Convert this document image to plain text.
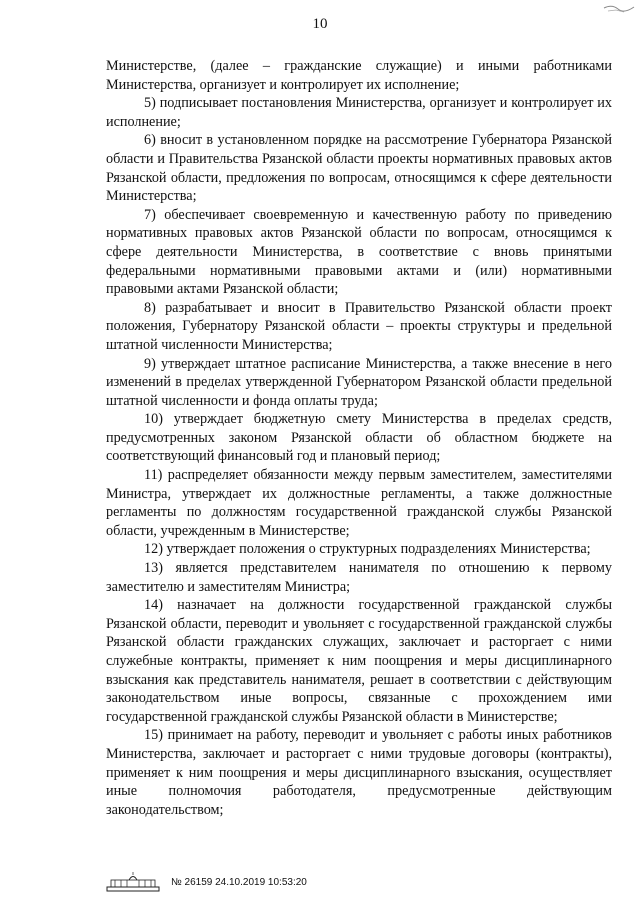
10

Министерстве, (далее – гражданские служащие) и иными работниками Министерства, организует и контролирует их исполнение;

5) подписывает постановления Министерства, организует и контролирует их исполнение;

6) вносит в установленном порядке на рассмотрение Губернатора Рязанской области и Правительства Рязанской области проекты нормативных правовых актов Рязанской области, предложения по вопросам, относящимся к сфере деятельности Министерства;

7) обеспечивает своевременную и качественную работу по приведению нормативных правовых актов Рязанской области по вопросам, относящимся к сфере деятельности Министерства, в соответствие с вновь принятыми федеральными нормативными правовыми актами и (или) нормативными правовыми актами Рязанской области;

8) разрабатывает и вносит в Правительство Рязанской области проект положения, Губернатору Рязанской области – проекты структуры и предельной штатной численности Министерства;

9) утверждает штатное расписание Министерства, а также внесение в него изменений в пределах утвержденной Губернатором Рязанской области предельной штатной численности и фонда оплаты труда;

10) утверждает бюджетную смету Министерства в пределах средств, предусмотренных законом Рязанской области об областном бюджете на соответствующий финансовый год и плановый период;

11) распределяет обязанности между первым заместителем, заместителями Министра, утверждает их должностные регламенты, а также должностные регламенты по должностям государственной гражданской службы Рязанской области, учрежденным в Министерстве;

12) утверждает положения о структурных подразделениях Министерства;

13) является представителем нанимателя по отношению к первому заместителю и заместителям Министра;

14) назначает на должности государственной гражданской службы Рязанской области, переводит и увольняет с государственной гражданской службы Рязанской области гражданских служащих, заключает и расторгает с ними служебные контракты, применяет к ним поощрения и меры дисциплинарного взыскания как представитель нанимателя, решает в соответствии с действующим законодательством иные вопросы, связанные с прохождением ими государственной гражданской службы Рязанской области в Министерстве;

15) принимает на работу, переводит и увольняет с работы иных работников Министерства, заключает и расторгает с ними трудовые договоры (контракты), применяет к ним поощрения и меры дисциплинарного взыскания, осуществляет иные полномочия работодателя, предусмотренные действующим законодательством;

№ 26159 24.10.2019 10:53:20
